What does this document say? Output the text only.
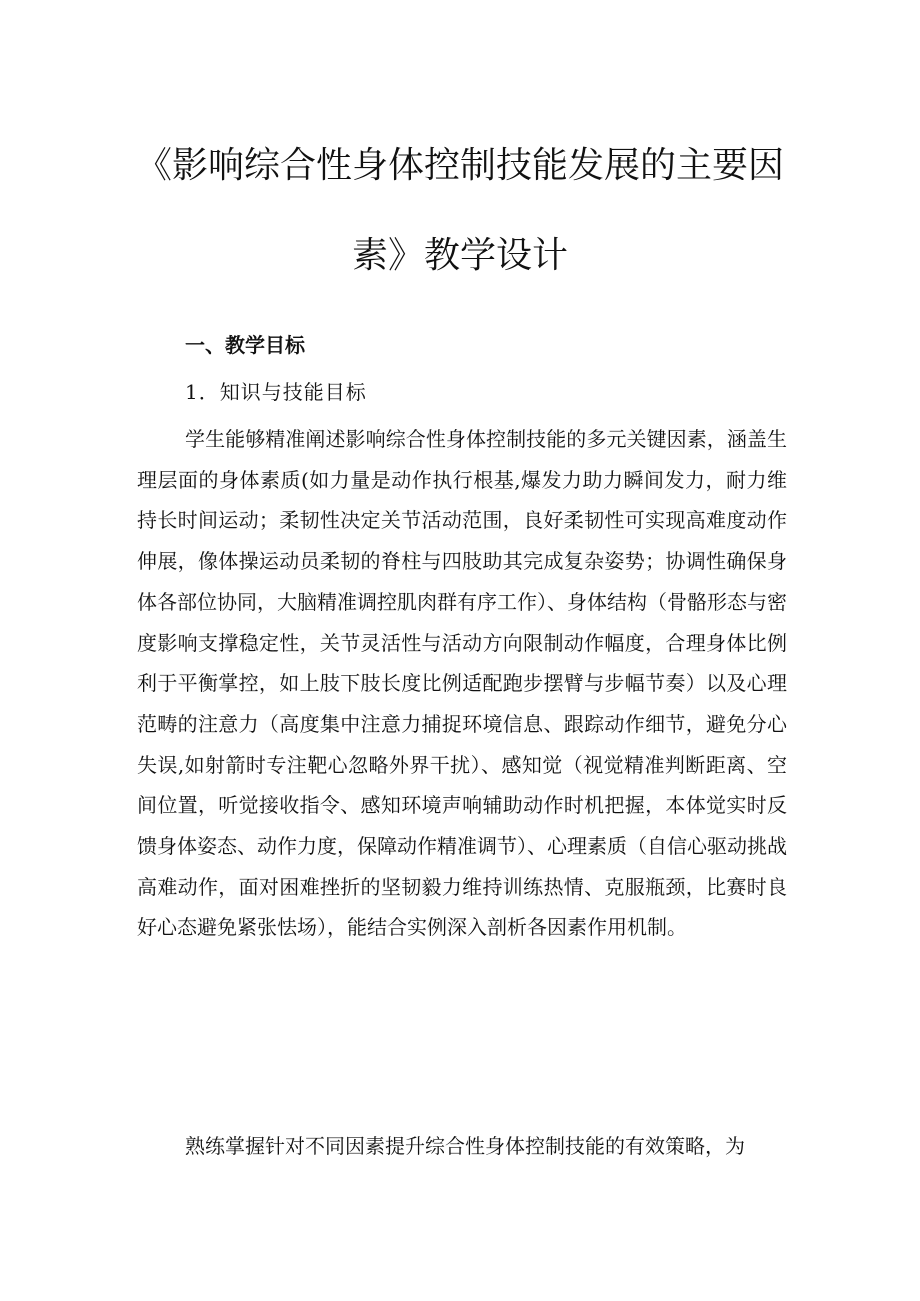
《影响综合性身体控制技能发展的主要因
素》教学设计
一、教学目标
1．知识与技能目标

学生能够精准阐述影响综合性身体控制技能的多元关键因素，涵盖生理层面的身体素质(如力量是动作执行根基,爆发力助力瞬间发力，耐力维持长时间运动；柔韧性决定关节活动范围，良好柔韧性可实现高难度动作伸展，像体操运动员柔韧的脊柱与四肢助其完成复杂姿势；协调性确保身体各部位协同，大脑精准调控肌肉群有序工作）、身体结构（骨骼形态与密度影响支撑稳定性，关节灵活性与活动方向限制动作幅度，合理身体比例利于平衡掌控，如上肢下肢长度比例适配跑步摆臂与步幅节奏）以及心理范畴的注意力（高度集中注意力捕捉环境信息、跟踪动作细节，避免分心失误,如射箭时专注靶心忽略外界干扰）、感知觉（视觉精准判断距离、空间位置，听觉接收指令、感知环境声响辅助动作时机把握，本体觉实时反馈身体姿态、动作力度，保障动作精准调节）、心理素质（自信心驱动挑战高难动作，面对困难挫折的坚韧毅力维持训练热情、克服瓶颈，比赛时良好心态避免紧张怯场），能结合实例深入剖析各因素作用机制。

熟练掌握针对不同因素提升综合性身体控制技能的有效策略，为
